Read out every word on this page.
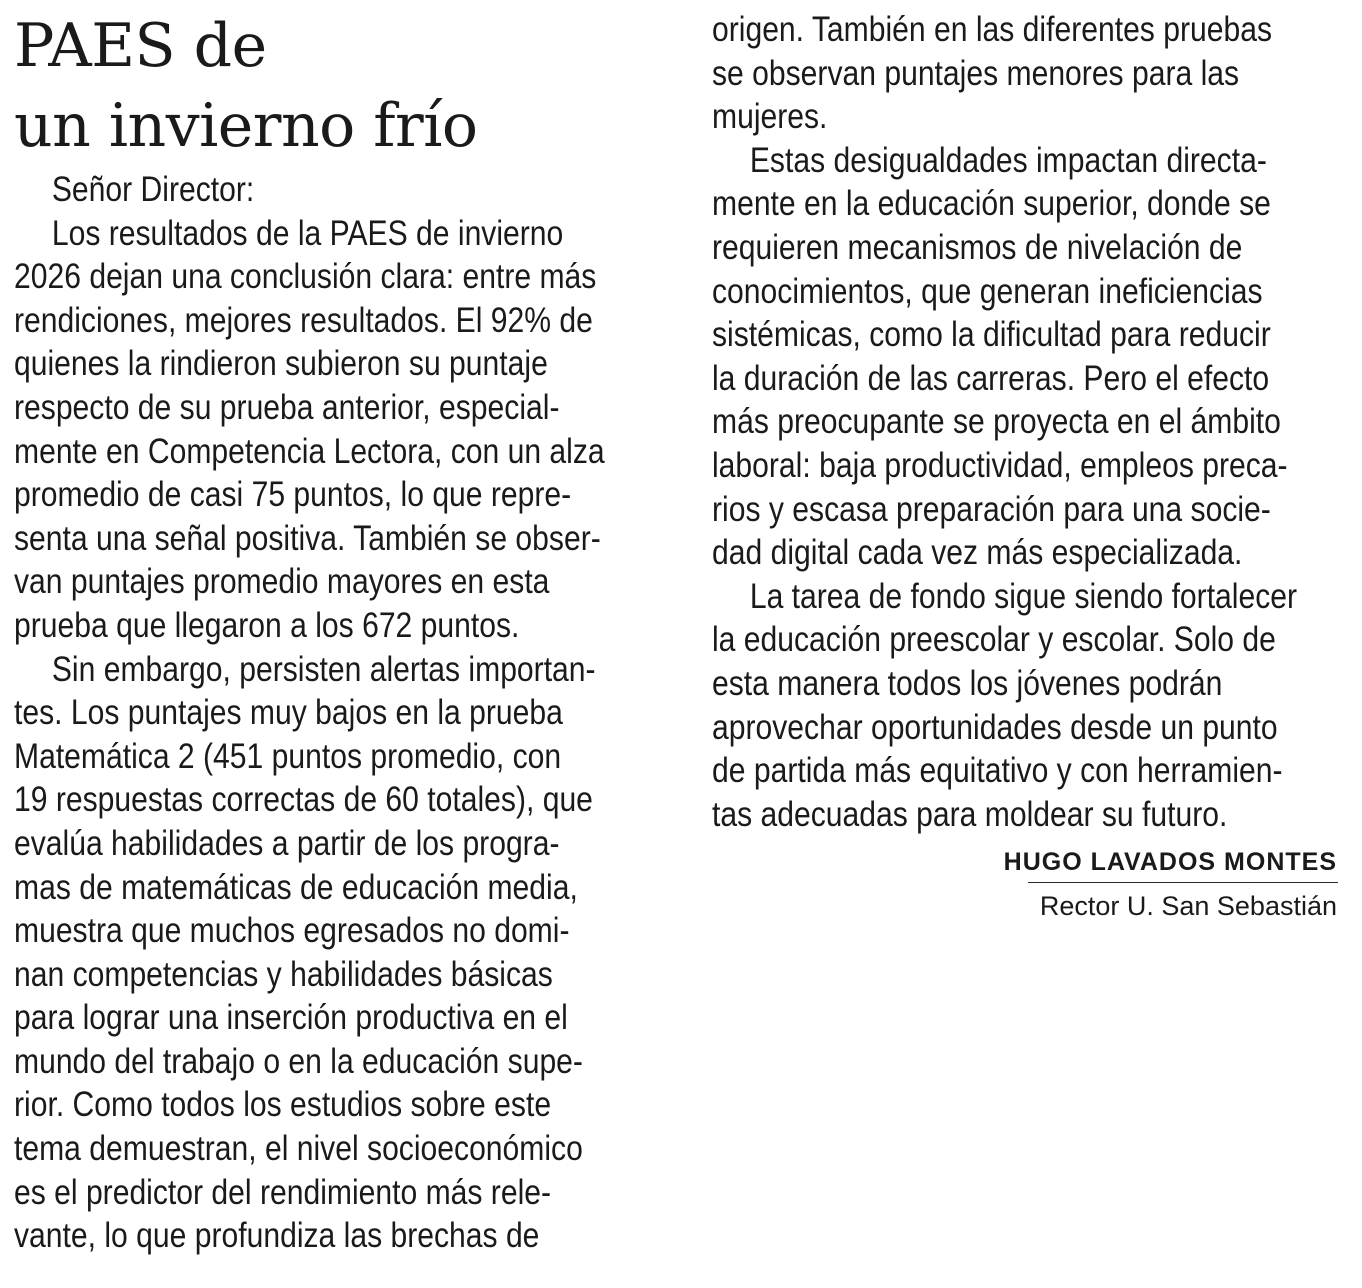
PAES de
un invierno frío
Señor Director:
Los resultados de la PAES de invierno
2026 dejan una conclusión clara: entre más
rendiciones, mejores resultados. El 92% de
quienes la rindieron subieron su puntaje
respecto de su prueba anterior, especial-
mente en Competencia Lectora, con un alza
promedio de casi 75 puntos, lo que repre-
senta una señal positiva. También se obser-
van puntajes promedio mayores en esta
prueba que llegaron a los 672 puntos.
Sin embargo, persisten alertas importan-
tes. Los puntajes muy bajos en la prueba
Matemática 2 (451 puntos promedio, con
19 respuestas correctas de 60 totales), que
evalúa habilidades a partir de los progra-
mas de matemáticas de educación media,
muestra que muchos egresados no domi-
nan competencias y habilidades básicas
para lograr una inserción productiva en el
mundo del trabajo o en la educación supe-
rior. Como todos los estudios sobre este
tema demuestran, el nivel socioeconómico
es el predictor del rendimiento más rele-
vante, lo que profundiza las brechas de
origen. También en las diferentes pruebas
se observan puntajes menores para las
mujeres.
Estas desigualdades impactan directa-
mente en la educación superior, donde se
requieren mecanismos de nivelación de
conocimientos, que generan ineficiencias
sistémicas, como la dificultad para reducir
la duración de las carreras. Pero el efecto
más preocupante se proyecta en el ámbito
laboral: baja productividad, empleos preca-
rios y escasa preparación para una socie-
dad digital cada vez más especializada.
La tarea de fondo sigue siendo fortalecer
la educación preescolar y escolar. Solo de
esta manera todos los jóvenes podrán
aprovechar oportunidades desde un punto
de partida más equitativo y con herramien-
tas adecuadas para moldear su futuro.
HUGO LAVADOS MONTES
Rector U. San Sebastián
